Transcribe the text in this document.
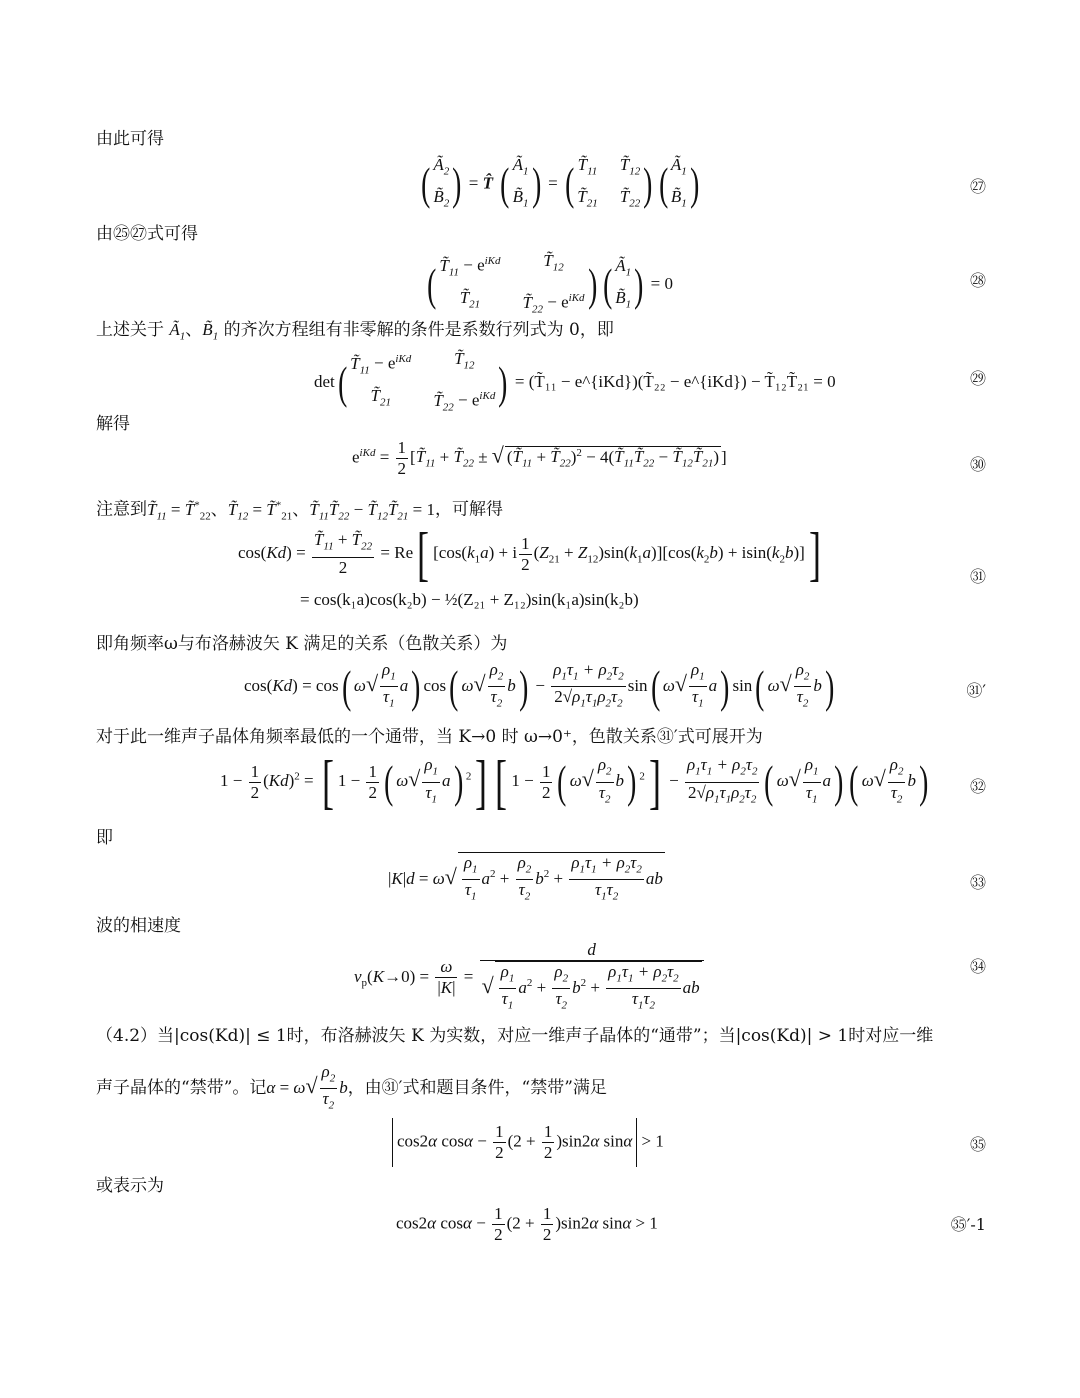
由此可得
( $Ã_2$
$B̃_2$ ) = T̂ ( $Ã_1$
$B̃_1$ ) = ( $T̃_{11}$ $T̃_{12}$
$T̃_{21}$ $T̃_{22}$ ) ( $Ã_1$
$B̃_1$ )	㉗
由㉕㉗式可得
( $T̃_{11} - e^{iKd}$	$T̃_{12}$
$T̃_{21}$	$T̃_{22} - e^{iKd}$ ) ( $Ã_1$
$B̃_1$ ) = 0	㉘
上述关于 $Ã_1$、$B̃_1$ 的齐次方程组有非零解的条件是系数行列式为 0，即
det( $T̃_{11} - e^{iKd}$	$T̃_{12}$
$T̃_{21}$	$T̃_{22} - e^{iKd}$ ) = (T̃₁₁ − e^{iKd})(T̃₂₂ − e^{iKd}) − T̃₁₂T̃₂₁ = 0	㉙
解得
$e^{iKd} = \frac{1}{2}$ [$T̃_{11}$ + $T̃_{22}$ ± √ ($T̃_{11}$ + $T̃_{22})^2$ − $4(T̃_{11}T̃_{22}$ − $T̃_{12}T̃_{21}$) ]	㉚
注意到$T̃_{11}$ = $T̃^*_{22}$、$T̃_{12}$ = $T̃^*_{21}$、$T̃_{11}T̃_{22}$ − $T̃_{12}T̃_{21} = 1$，可解得
$\cos(Kd) = \frac{T̃_{11} + T̃_{22}}{2} = Re$[ $[\cos(k_1a) + i \frac{1}{2} (Z_{21} + Z_{12})\sin(k_1a)][\cos(k_2b) + isin(k_2b)]$]
= cos(k₁a)cos(k₂b) − ½(Z₂₁ + Z₁₂)sin(k₁a)sin(k₂b)
㉛
即角频率ω与布洛赫波矢 K 满足的关系（色散关系）为
cos(Kd) = cos( $\omega√ \frac{\rho_1}{\tau_1} a$) cos( $\omega√ \frac{\rho_2}{\tau_2} b) - \frac{\rho_1\tau_1 + \rho_2\tau_2}{2√\rho_1\tau_1\rho_2\tau_2} \sin$( $\omega√ \frac{\rho_1}{\tau_1} a$) sin( $\omega√ \frac{\rho_2}{\tau_2} b$)	㉛′
对于此一维声子晶体角频率最低的一个通带，当 K→0 时 ω→0⁺，色散关系㉛′式可展开为
$1 - \frac{1}{2} (Kd)^2$ = [ $1 - \frac{1}{2}$ ( $\omega√ \frac{\rho_1}{\tau_1} a$) $^2$] [ $1 - \frac{1}{2}$ ( $\omega√ \frac{\rho_2}{\tau_2} b$) $^2] - \frac{\rho_1\tau_1 + \rho_2\tau_2}{2√\rho_1\tau_1\rho_2\tau_2}$ ( $\omega√ \frac{\rho_1}{\tau_1} a$) ( $\omega√ \frac{\rho_2}{\tau_2} b$)	㉜
即
$|K|d = \omega√ \frac{\rho_1}{\tau_1} a^2 + \frac{\rho_2}{\tau_2} b^2 + \frac{\rho_1\tau_1 + \rho_2\tau_2}{\tau_1\tau_2}$ ab	㉝
波的相速度
$v_p(K\to 0) = \frac{\omega}{|K|} = \frac{d}{√ \frac{\rho_1}{\tau_1} a^2 + \frac{\rho_2}{\tau_2} b^2 + \frac{\rho_1\tau_1 + \rho_2\tau_2}{\tau_1\tau_2} ab}$	㉞
（4.2）当|cos(Kd)| ≤ 1时，布洛赫波矢 K 为实数，对应一维声子晶体的“通带”；当|cos(Kd)| > 1时对应一维
声子晶体的“禁带”。记$\alpha = \omega√ \frac{\rho_2}{\tau_2}$ b，由㉛′式和题目条件，“禁带”满足
cos2α $\cos\alpha - \frac{1}{2} (2 + \frac{1}{2} )\sin 2\alpha$ sinα > 1	㉟
或表示为
cos2α $\cos\alpha - \frac{1}{2} (2 + \frac{1}{2} )\sin 2\alpha$ sinα > 1	㉟′-1
